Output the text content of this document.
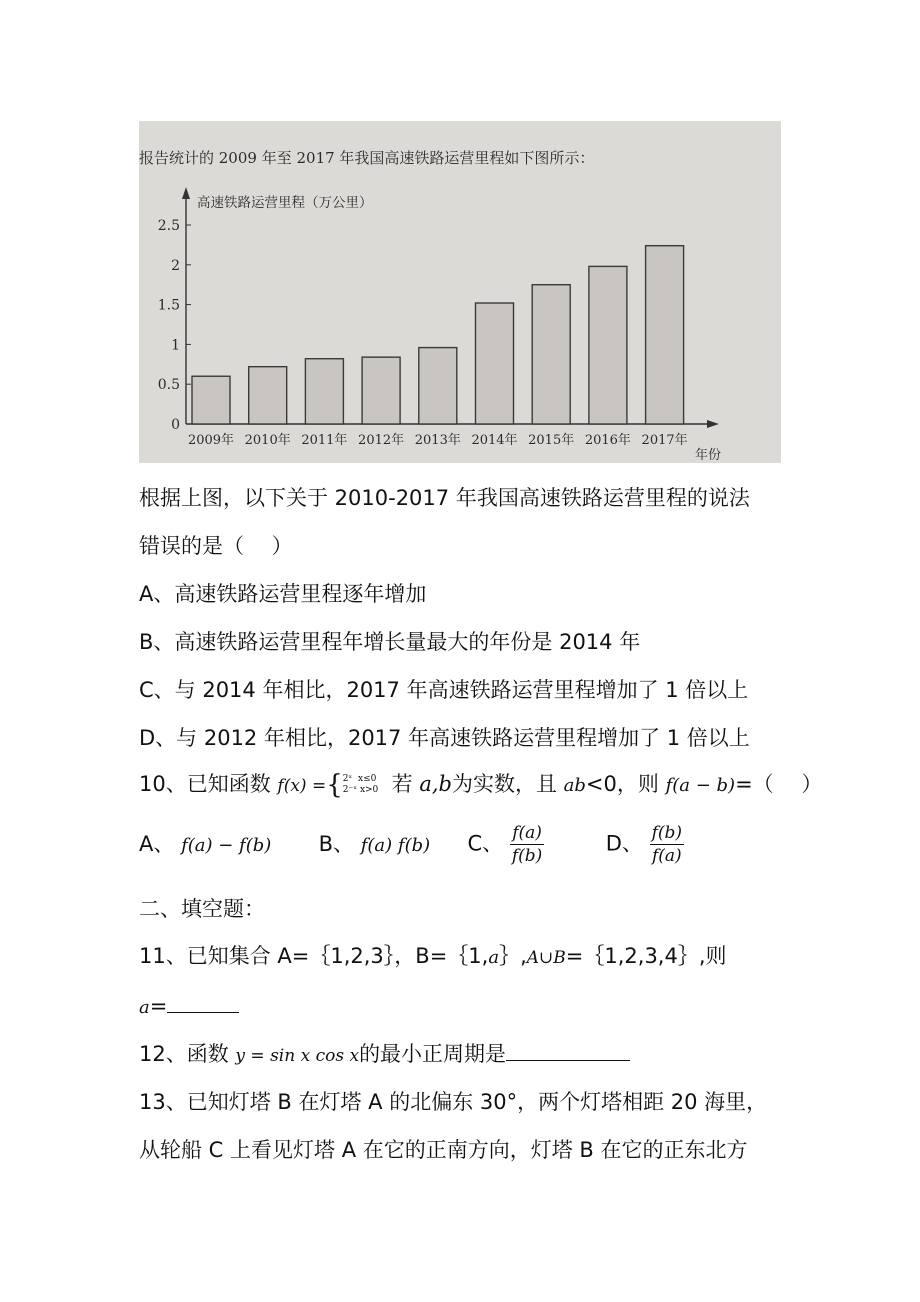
报告统计的 2009 年至 2017 年我国高速铁路运营里程如下图所示：
高速铁路运营里程（万公里）
年份
0
0.5
1
1.5
2
2.5
2009年 2010年 2011年 2012年 2013年 2014年 2015年 2016年 2017年
根据上图，以下关于 2010-2017 年我国高速铁路运营里程的说法
错误的是（　 ）
A、高速铁路运营里程逐年增加
B、高速铁路运营里程年增长量最大的年份是 2014 年
C、与 2014 年相比，2017 年高速铁路运营里程增加了 1 倍以上
D、与 2012 年相比，2017 年高速铁路运营里程增加了 1 倍以上
10、已知函数 f(x) ={2ˣ x≤0
2⁻ˣ x>0 若 a,b为实数，且 ab<0，则 f(a − b)=（　 ）
A、 f(a) − f(b) B、 f(a) f(b) C、 $\frac{f(a)}{f(b)}$	D、 $\frac{f(b)}{f(a)}$
二、填空题：
11、已知集合 A=｛1,2,3｝，B=｛1,a｝,A∪B=｛1,2,3,4｝,则
a=
12、函数 y = sin x cos x的最小正周期是
13、已知灯塔 B 在灯塔 A 的北偏东 30°，两个灯塔相距 20 海里，
从轮船 C 上看见灯塔 A 在它的正南方向，灯塔 B 在它的正东北方
